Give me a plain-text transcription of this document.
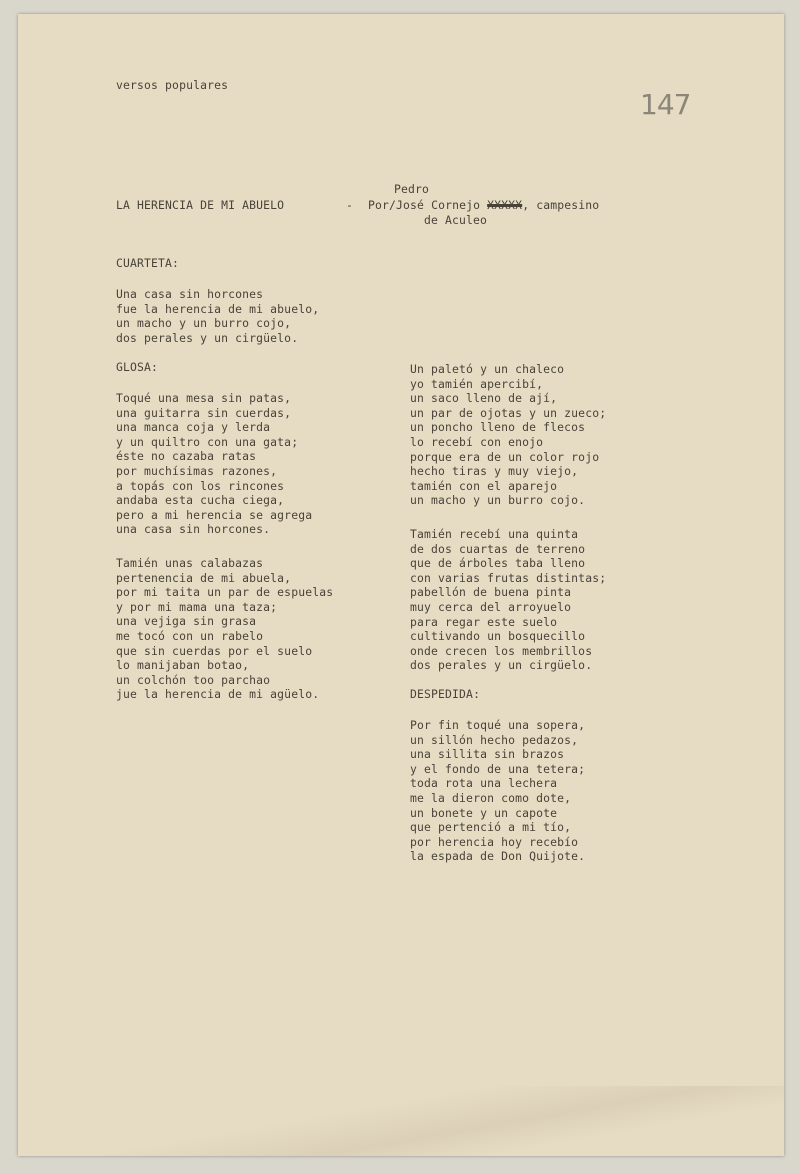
versos populares
147
LA HERENCIA DE MI ABUELO	-
Pedro
Por/José Cornejo XXXXX, campesino
de Aculeo
CUARTETA:
Una casa sin horcones
fue la herencia de mi abuelo,
un macho y un burro cojo,
dos perales y un cirgüelo.
GLOSA:
Toqué una mesa sin patas,
una guitarra sin cuerdas,
una manca coja y lerda
y un quiltro con una gata;
éste no cazaba ratas
por muchísimas razones,
a topás con los rincones
andaba esta cucha ciega,
pero a mi herencia se agrega
una casa sin horcones.
Tamién unas calabazas
pertenencia de mi abuela,
por mi taita un par de espuelas
y por mi mama una taza;
una vejiga sin grasa
me tocó con un rabelo
que sin cuerdas por el suelo
lo manijaban botao,
un colchón too parchao
jue la herencia de mi agüelo.
Un paletó y un chaleco
yo tamién apercibí,
un saco lleno de ají,
un par de ojotas y un zueco;
un poncho lleno de flecos
lo recebí con enojo
porque era de un color rojo
hecho tiras y muy viejo,
tamién con el aparejo
un macho y un burro cojo.
Tamién recebí una quinta
de dos cuartas de terreno
que de árboles taba lleno
con varias frutas distintas;
pabellón de buena pinta
muy cerca del arroyuelo
para regar este suelo
cultivando un bosquecillo
onde crecen los membrillos
dos perales y un cirgüelo.
DESPEDIDA:
Por fin toqué una sopera,
un sillón hecho pedazos,
una sillita sin brazos
y el fondo de una tetera;
toda rota una lechera
me la dieron como dote,
un bonete y un capote
que pertenció a mi tío,
por herencia hoy recebío
la espada de Don Quijote.
